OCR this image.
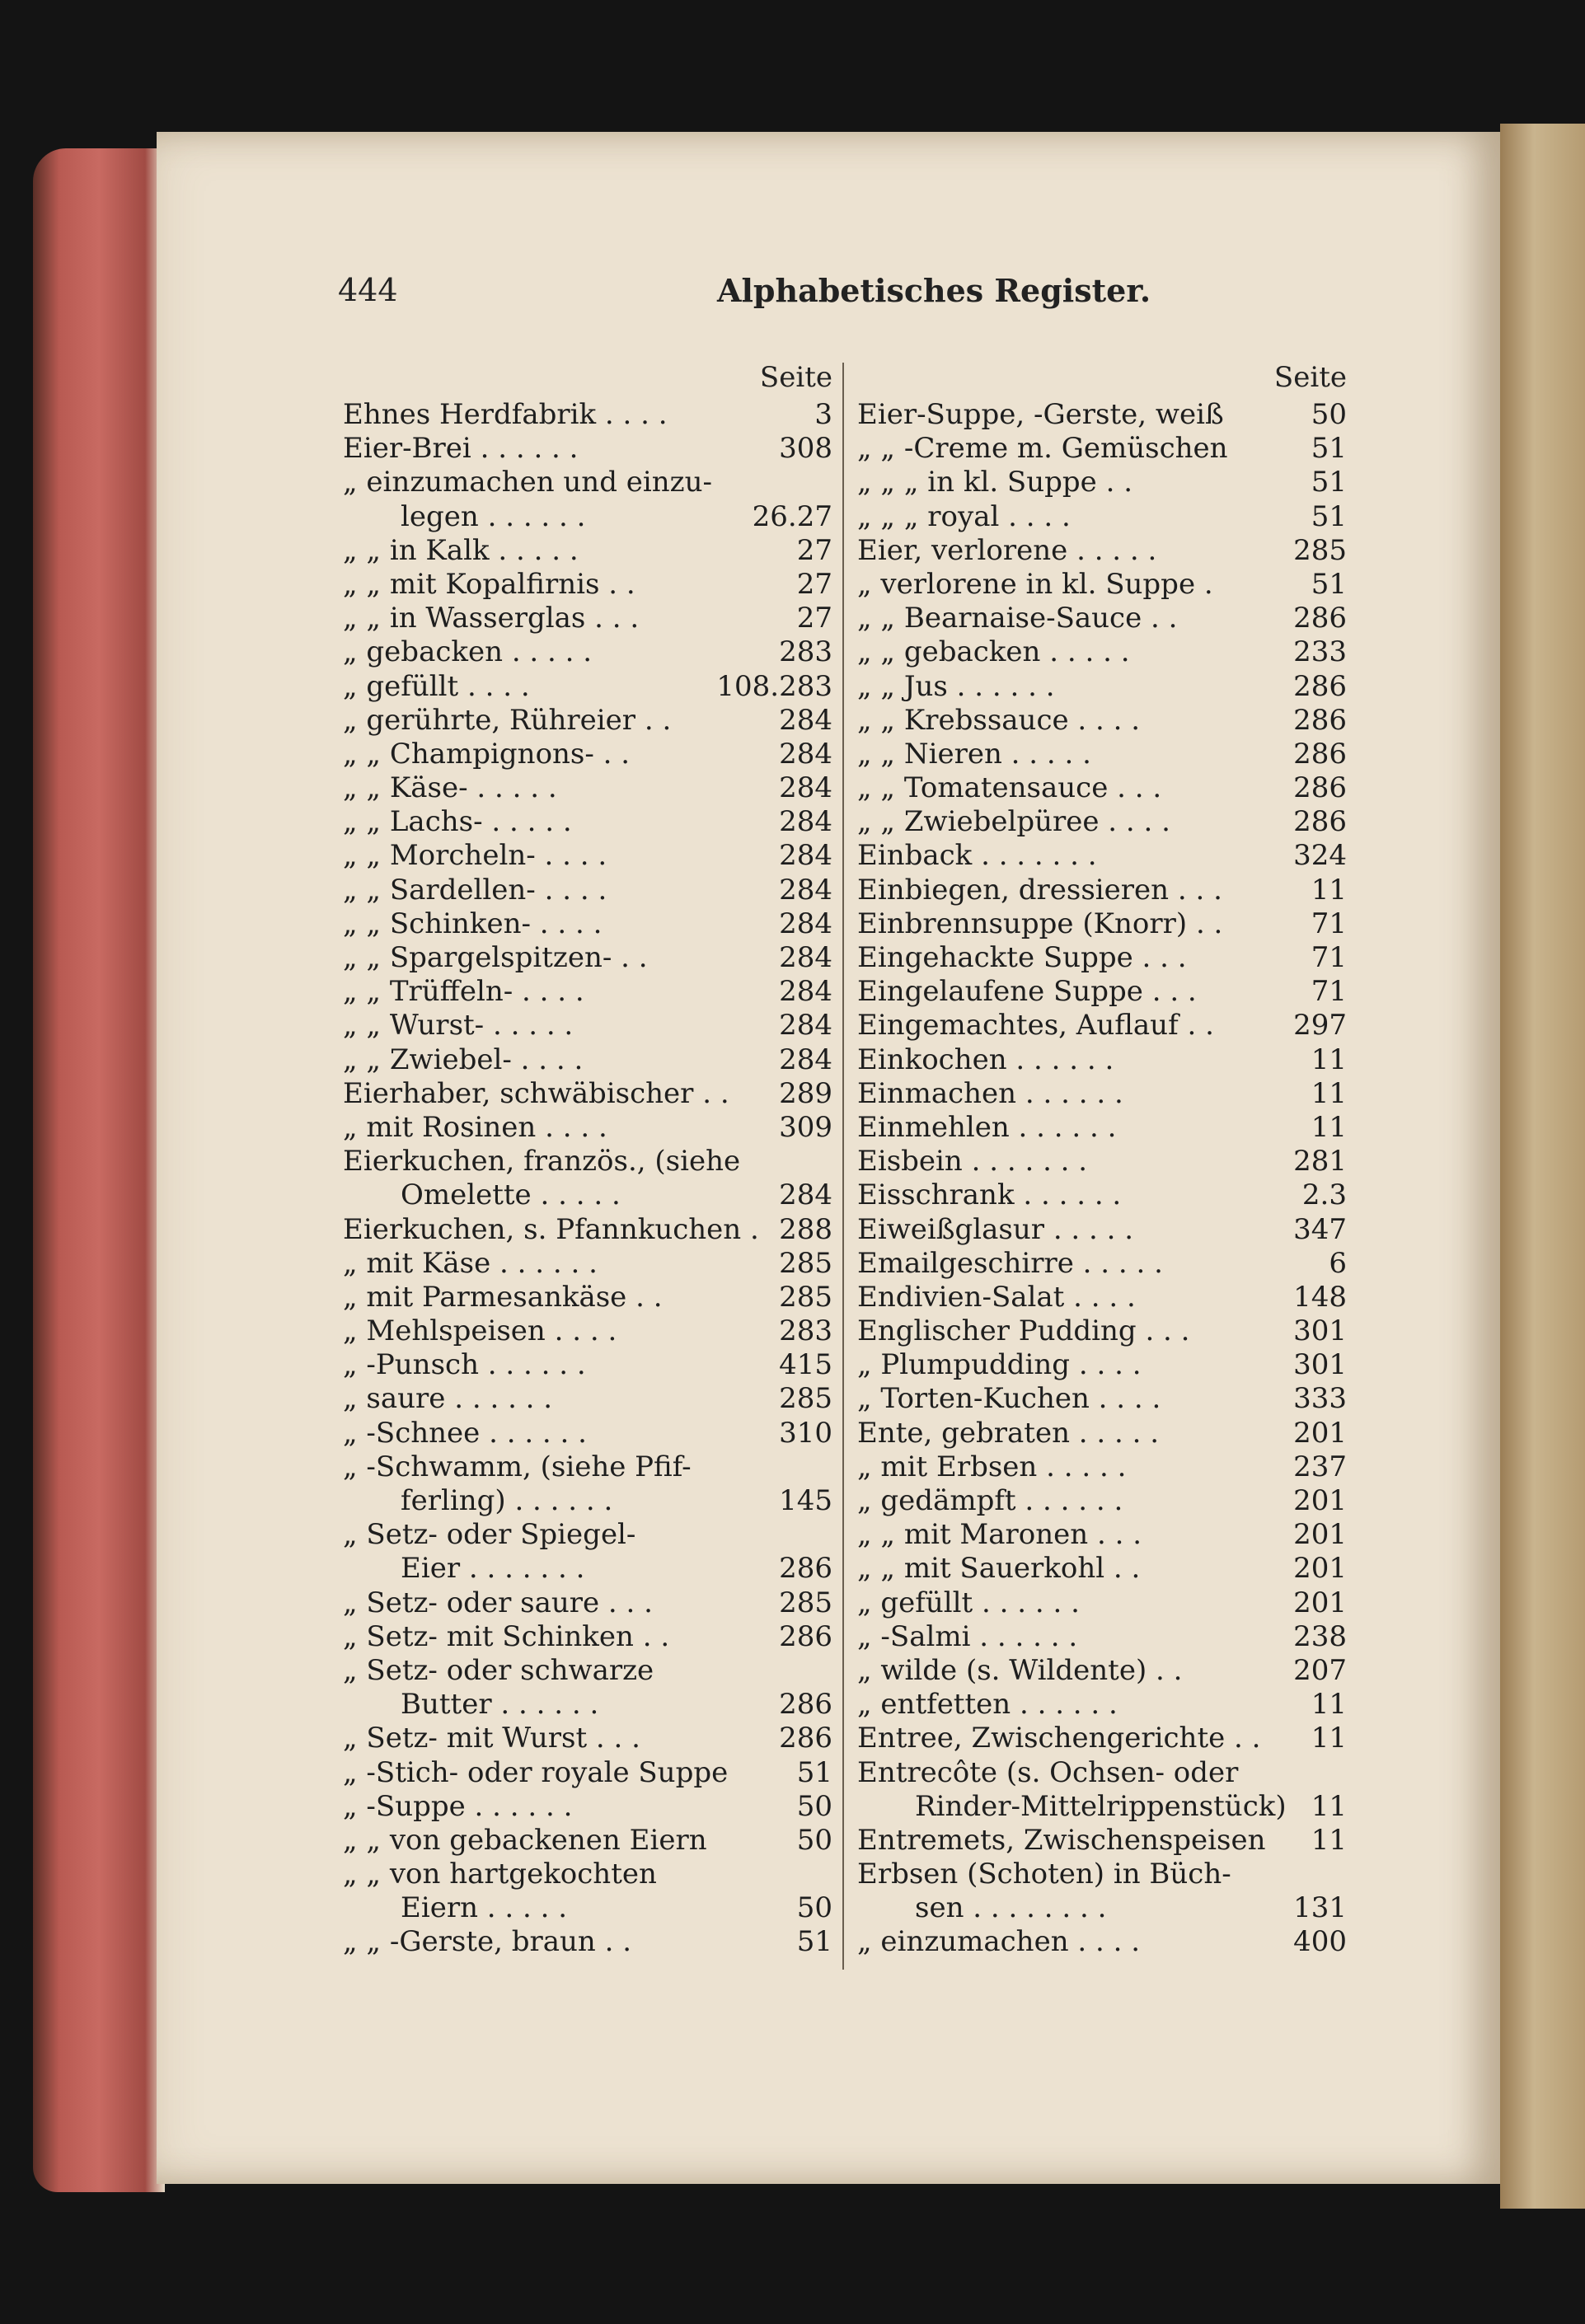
444	Alphabetisches Register.
Seite
Ehnes Herdfabrik . . . .	3
Eier-Brei . . . . . .	308
„ einzumachen und einzu-
legen . . . . . .	26.27
„ „ in Kalk . . . . .	27
„ „ mit Kopalfirnis . .	27
„ „ in Wasserglas . . .	27
„ gebacken . . . . .	283
„ gefüllt . . . .	108.283
„ gerührte, Rühreier . .	284
„ „ Champignons- . .	284
„ „ Käse- . . . . .	284
„ „ Lachs- . . . . .	284
„ „ Morcheln- . . . .	284
„ „ Sardellen- . . . .	284
„ „ Schinken- . . . .	284
„ „ Spargelspitzen- . .	284
„ „ Trüffeln- . . . .	284
„ „ Wurst- . . . . .	284
„ „ Zwiebel- . . . .	284
Eierhaber, schwäbischer . . 289
„ mit Rosinen . . . .	309
Eierkuchen, französ., (siehe
Omelette . . . . .	284
Eierkuchen, s. Pfannkuchen . 288
„ mit Käse . . . . . .	285
„ mit Parmesankäse . .	285
„ Mehlspeisen . . . .	283
„ -Punsch . . . . . .	415
„ saure . . . . . .	285
„ -Schnee . . . . . .	310
„ -Schwamm, (siehe Pfif-
ferling) . . . . . .	145
„ Setz- oder Spiegel-
Eier . . . . . . .	286
„ Setz- oder saure . . .	285
„ Setz- mit Schinken . .	286
„ Setz- oder schwarze
Butter . . . . . .	286
„ Setz- mit Wurst . . .	286
„ -Stich- oder royale Suppe 51
„ -Suppe . . . . . .	50
„ „ von gebackenen Eiern	50
„ „ von hartgekochten
Eiern . . . . .	50
„ „ -Gerste, braun . .	51
Seite
Eier-Suppe, -Gerste, weiß	50
„ „ -Creme m. Gemüschen	51
„ „ „ in kl. Suppe . .	51
„ „ „ royal . . . .	51
Eier, verlorene . . . . .	285
„ verlorene in kl. Suppe .	51
„ „ Bearnaise-Sauce . .	286
„ „ gebacken . . . . .	233
„ „ Jus . . . . . .	286
„ „ Krebssauce . . . .	286
„ „ Nieren . . . . .	286
„ „ Tomatensauce . . .	286
„ „ Zwiebelpüree . . . .	286
Einback . . . . . . .	324
Einbiegen, dressieren . . .	11
Einbrennsuppe (Knorr) . .	71
Eingehackte Suppe . . .	71
Eingelaufene Suppe . . .	71
Eingemachtes, Auflauf . .	297
Einkochen . . . . . .	11
Einmachen . . . . . .	11
Einmehlen . . . . . .	11
Eisbein . . . . . . .	281
Eisschrank . . . . . .	2.3
Eiweißglasur . . . . .	347
Emailgeschirre . . . . .	6
Endivien-Salat . . . .	148
Englischer Pudding . . .	301
„ Plumpudding . . . .	301
„ Torten-Kuchen . . . .	333
Ente, gebraten . . . . .	201
„ mit Erbsen . . . . .	237
„ gedämpft . . . . . .	201
„ „ mit Maronen . . .	201
„ „ mit Sauerkohl . .	201
„ gefüllt . . . . . .	201
„ -Salmi . . . . . .	238
„ wilde (s. Wildente) . .	207
„ entfetten . . . . . .	11
Entree, Zwischengerichte . . 11
Entrecôte (s. Ochsen- oder
Rinder-Mittelrippenstück) 11
Entremets, Zwischenspeisen 11
Erbsen (Schoten) in Büch-
sen . . . . . . . .	131
„ einzumachen . . . .	400
